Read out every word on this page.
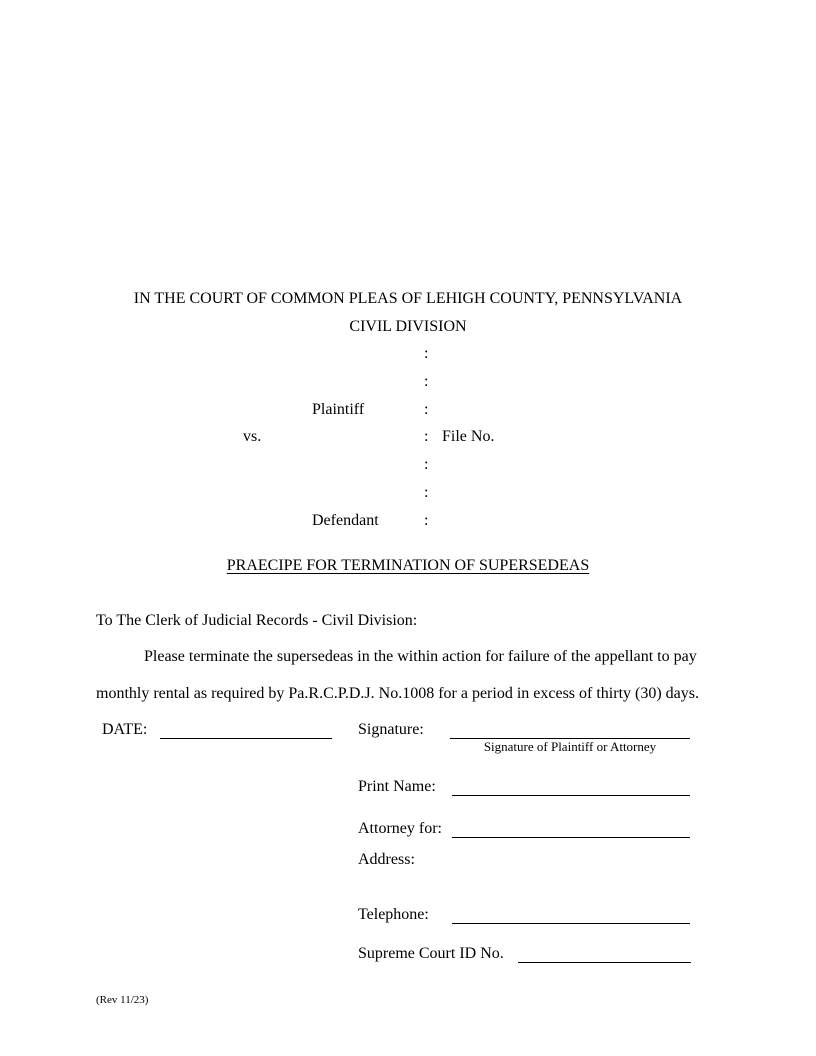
IN THE COURT OF COMMON PLEAS OF LEHIGH COUNTY, PENNSYLVANIA
CIVIL DIVISION
:
:
Plaintiff	:
vs.	: File No.
:
:
Defendant	:
PRAECIPE FOR TERMINATION OF SUPERSEDEAS
To The Clerk of Judicial Records - Civil Division:
Please terminate the supersedeas in the within action for failure of the appellant to pay monthly rental as required by Pa.R.C.P.D.J. No.1008 for a period in excess of thirty (30) days.
DATE:	Signature:
Signature of Plaintiff or Attorney
Print Name:
Attorney for:
Address:
Telephone:
Supreme Court ID No.
(Rev 11/23)
